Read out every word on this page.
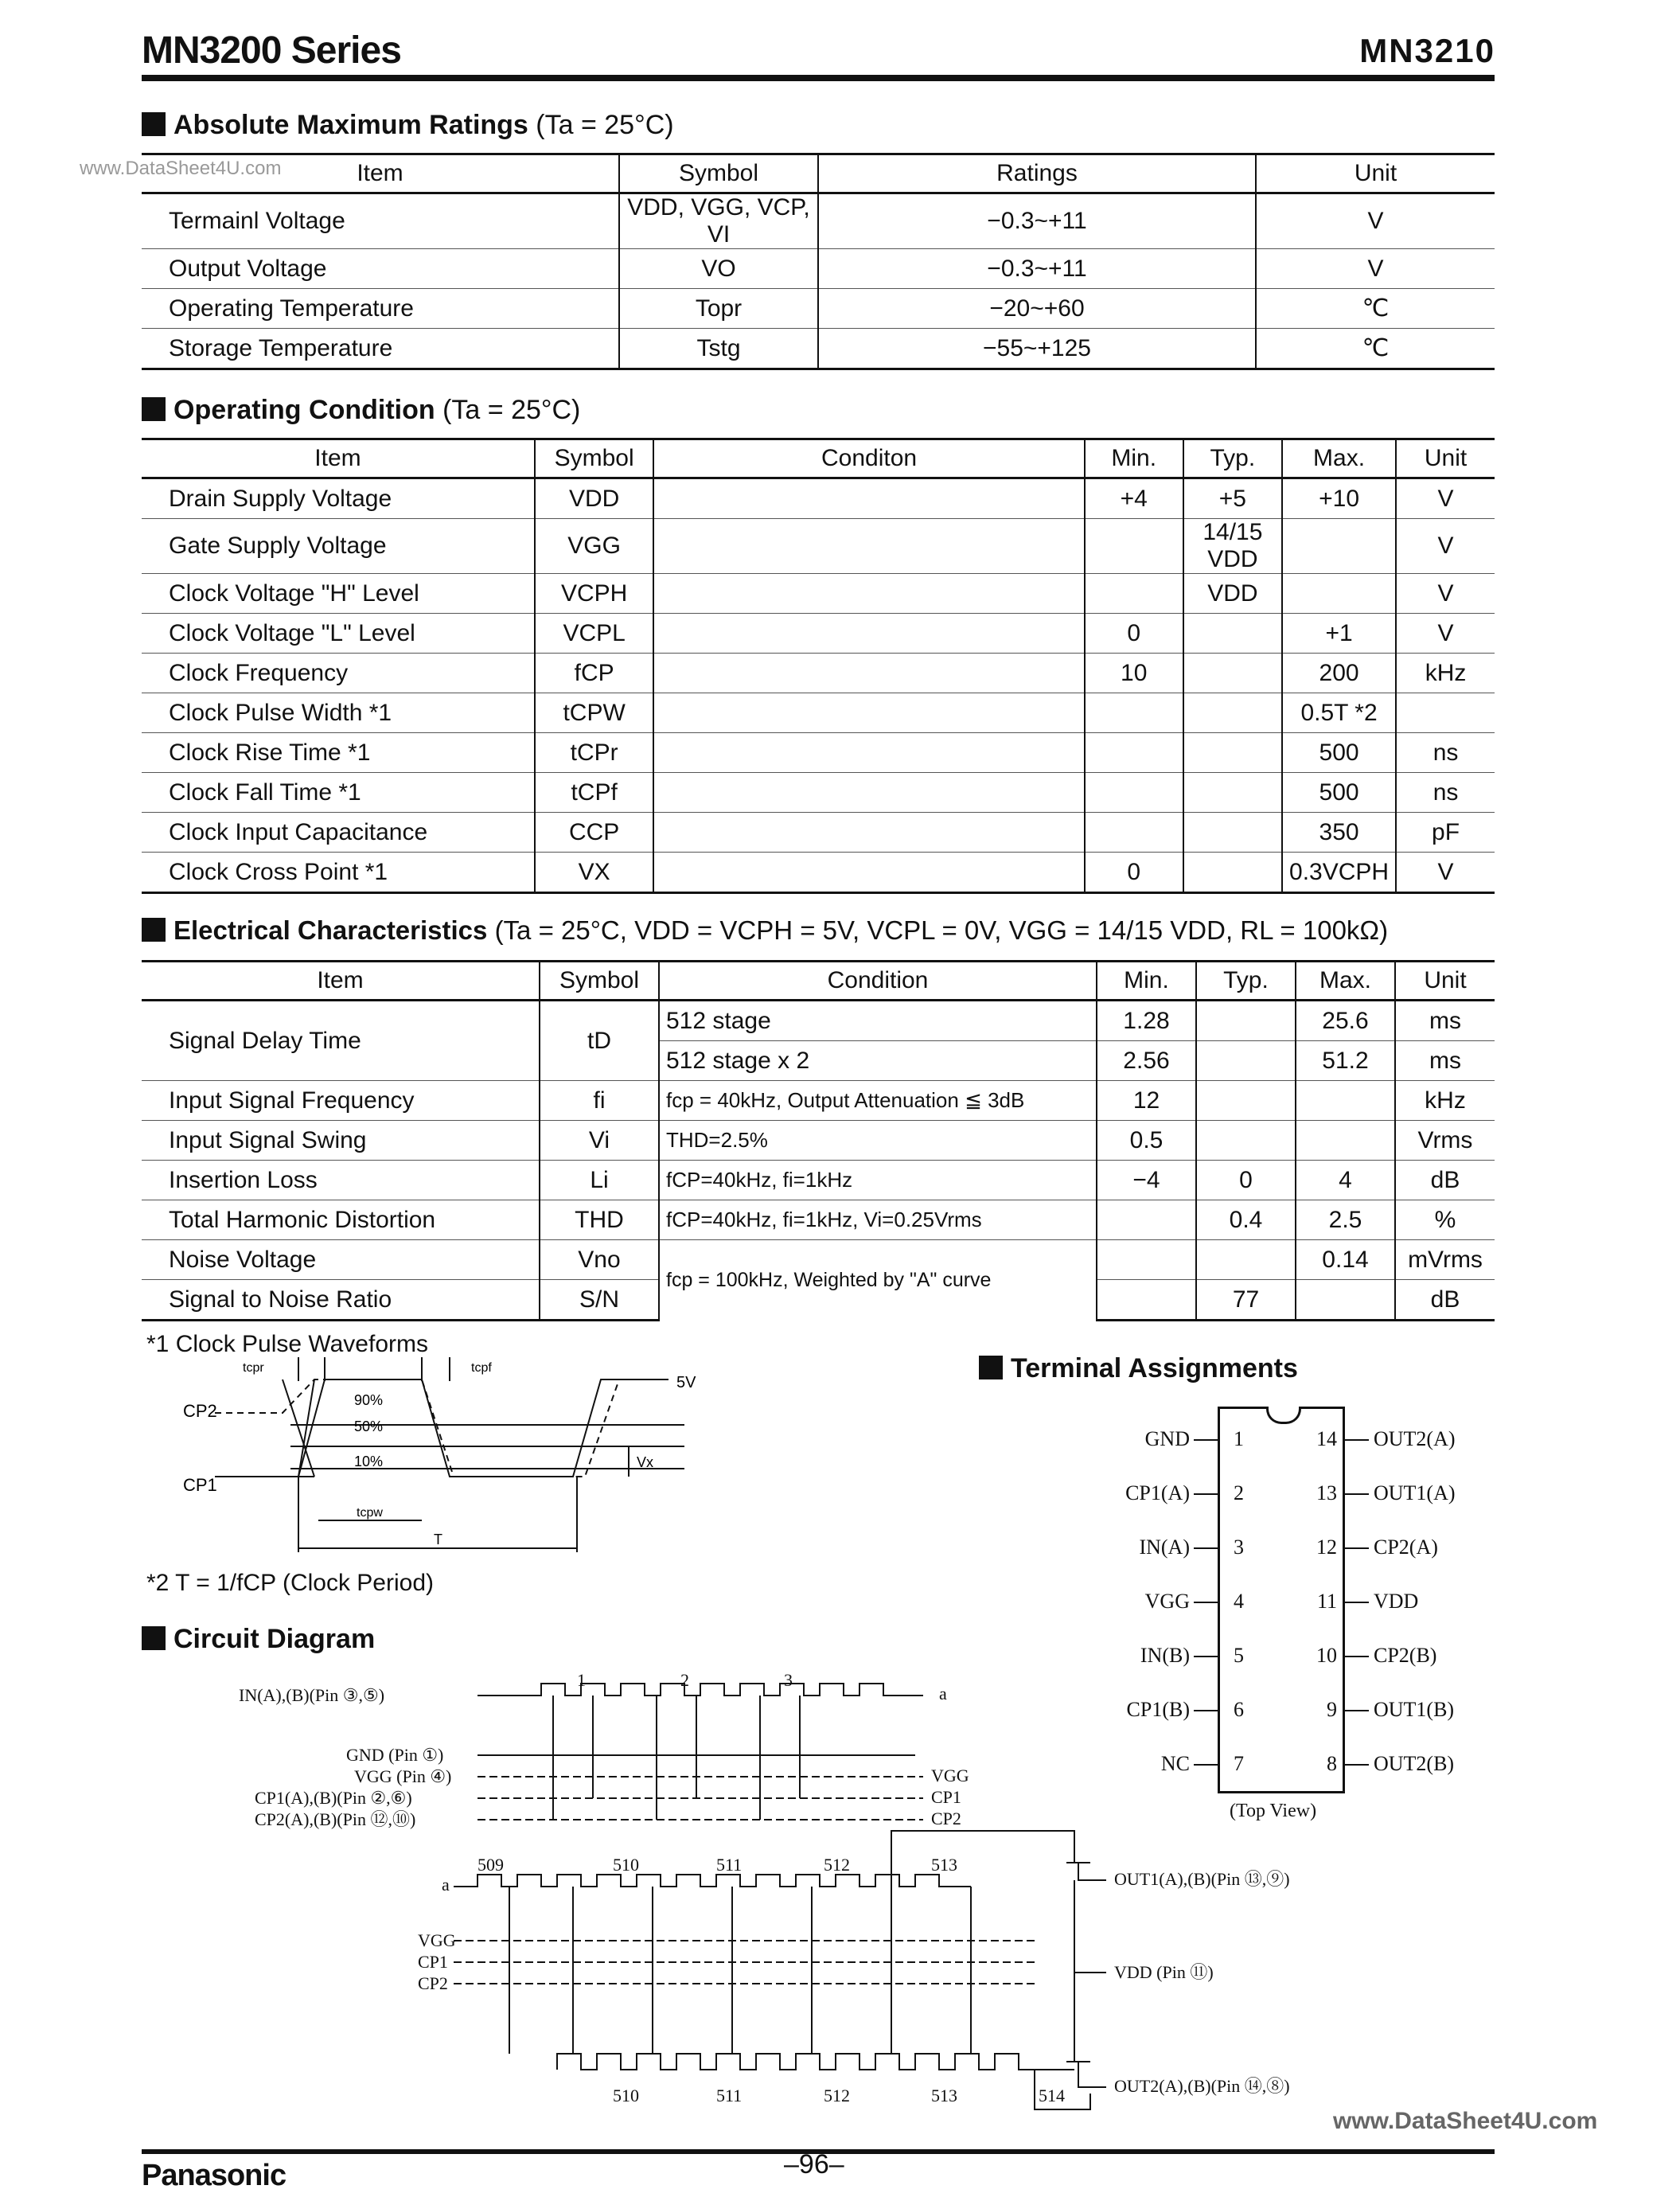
MN3200 Series	MN3210
www.DataSheet4U.com
Absolute Maximum Ratings (Ta = 25°C)
Item	Symbol	Ratings	Unit
Termainl Voltage	VDD, VGG, VCP, VI	−0.3~+11	V
Output Voltage	VO	−0.3~+11	V
Operating Temperature	Topr	−20~+60	℃
Storage Temperature	Tstg	−55~+125	℃
Operating Condition (Ta = 25°C)
Item	Symbol	Conditon	Min.	Typ.	Max.	Unit
Drain Supply Voltage	VDD		+4	+5	+10	V
Gate Supply Voltage	VGG			14/15 VDD		V
Clock Voltage "H" Level	VCPH			VDD		V
Clock Voltage "L" Level	VCPL		0		+1	V
Clock Frequency	fCP		10		200	kHz
Clock Pulse Width *1	tCPW				0.5T *2	
Clock Rise Time *1	tCPr				500	ns
Clock Fall Time *1	tCPf				500	ns
Clock Input Capacitance	CCP				350	pF
Clock Cross Point *1	VX		0		0.3VCPH	V
Electrical Characteristics (Ta = 25°C, VDD = VCPH = 5V, VCPL = 0V, VGG = 14/15 VDD, RL = 100kΩ)
Item	Symbol	Condition	Min.	Typ.	Max.	Unit
Signal Delay Time	tD	512 stage	1.28		25.6	ms
		512 stage x 2	2.56		51.2	ms
Input Signal Frequency	fi	fcp = 40kHz, Output Attenuation ≦ 3dB	12			kHz
Input Signal Swing	Vi	THD=2.5%	0.5			Vrms
Insertion Loss	Li	fCP=40kHz, fi=1kHz	−4	0	4	dB
Total Harmonic Distortion	THD	fCP=40kHz, fi=1kHz, Vi=0.25Vrms		0.4	2.5	%
Noise Voltage	Vno	fcp = 100kHz, Weighted by "A" curve			0.14	mVrms
Signal to Noise Ratio	S/N			77		dB
*1 Clock Pulse Waveforms
CP2
CP1
90%
50%
10%
5V
tcpr	tcpf
tcpw
T
Vx
*2 T = 1/fCP (Clock Period)
Circuit Diagram
IN(A),(B)(Pin ③,⑤)
GND (Pin ①)
VGG (Pin ④)
CP1(A),(B)(Pin ②,⑥)
CP2(A),(B)(Pin ⑫,⑩)
a
VGG
CP1
CP2
1	2	3
509	510	511	512	513
510	511	512	513	514
a
VGG
CP1
CP2
OUT1(A),(B)(Pin ⑬,⑨)
VDD (Pin ⑪)
OUT2(A),(B)(Pin ⑭,⑧)
Terminal Assignments
GND 1
CP1(A) 2
IN(A) 3
VGG 4
IN(B) 5
CP1(B) 6
NC 7
14 OUT2(A)
13 OUT1(A)
12 CP2(A)
11 VDD
10 CP2(B)
9 OUT1(B)
8 OUT2(B)
(Top View)
www.DataSheet4U.com
Panasonic	–96–
